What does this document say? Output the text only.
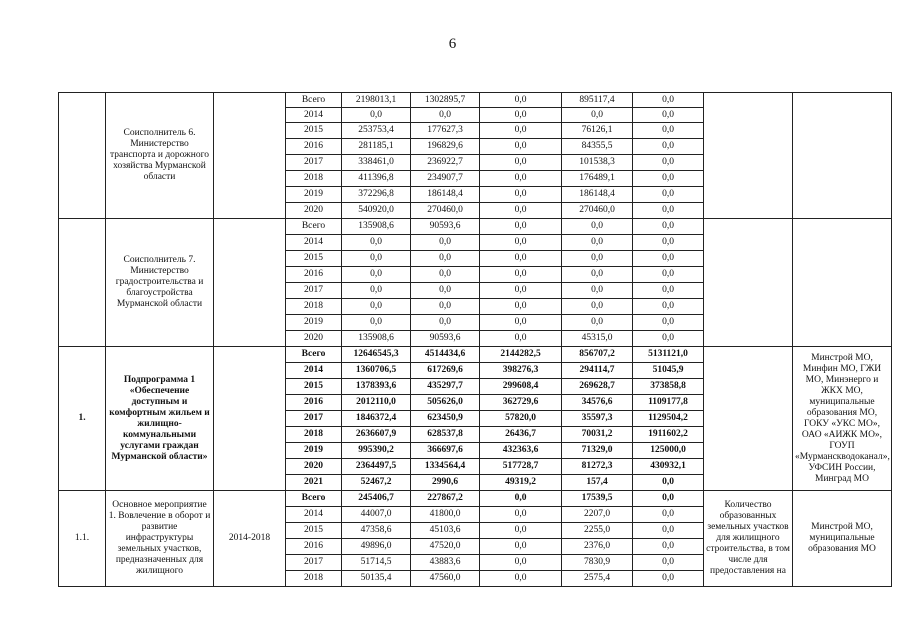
6
	Соисполнитель 6. Министерство транспорта и дорожного хозяйства Мурманской области		Всего	2198013,1	1302895,7	0,0	895117,4	0,0		
			2014	0,0	0,0	0,0	0,0	0,0		
			2015	253753,4	177627,3	0,0	76126,1	0,0		
			2016	281185,1	196829,6	0,0	84355,5	0,0		
			2017	338461,0	236922,7	0,0	101538,3	0,0		
			2018	411396,8	234907,7	0,0	176489,1	0,0		
			2019	372296,8	186148,4	0,0	186148,4	0,0		
			2020	540920,0	270460,0	0,0	270460,0	0,0		
	Соисполнитель 7. Министерство градостроительства и благоустройства Мурманской области		Всего	135908,6	90593,6	0,0	0,0	0,0		
			2014	0,0	0,0	0,0	0,0	0,0		
			2015	0,0	0,0	0,0	0,0	0,0		
			2016	0,0	0,0	0,0	0,0	0,0		
			2017	0,0	0,0	0,0	0,0	0,0		
			2018	0,0	0,0	0,0	0,0	0,0		
			2019	0,0	0,0	0,0	0,0	0,0		
			2020	135908,6	90593,6	0,0	45315,0	0,0		
1.	Подпрограмма 1 «Обеспечение доступным и комфортным жильем и жилищно-коммунальными услугами граждан Мурманской области»		Всего	12646545,3	4514434,6	2144282,5	856707,2	5131121,0		Минстрой МО, Минфин МО, ГЖИ МО, Минэнерго и ЖКХ МО, муниципальные образования МО, ГОКУ «УКС МО», ОАО «АИЖК МО», ГОУП «Мурманскводоканал», УФСИН России, Минград МО
			2014	1360706,5	617269,6	398276,3	294114,7	51045,9		
			2015	1378393,6	435297,7	299608,4	269628,7	373858,8		
			2016	2012110,0	505626,0	362729,6	34576,6	1109177,8		
			2017	1846372,4	623450,9	57820,0	35597,3	1129504,2		
			2018	2636607,9	628537,8	26436,7	70031,2	1911602,2		
			2019	995390,2	366697,6	432363,6	71329,0	125000,0		
			2020	2364497,5	1334564,4	517728,7	81272,3	430932,1		
			2021	52467,2	2990,6	49319,2	157,4	0,0		
1.1.	Основное мероприятие 1. Вовлечение в оборот и развитие инфраструктуры земельных участков, предназначенных для жилищного	2014-2018	Всего	245406,7	227867,2	0,0	17539,5	0,0	Количество образованных земельных участков для жилищного строительства, в том числе для предоставления на	Минстрой МО, муниципальные образования МО
			2014	44007,0	41800,0	0,0	2207,0	0,0		
			2015	47358,6	45103,6	0,0	2255,0	0,0		
			2016	49896,0	47520,0	0,0	2376,0	0,0		
			2017	51714,5	43883,6	0,0	7830,9	0,0		
			2018	50135,4	47560,0	0,0	2575,4	0,0		
